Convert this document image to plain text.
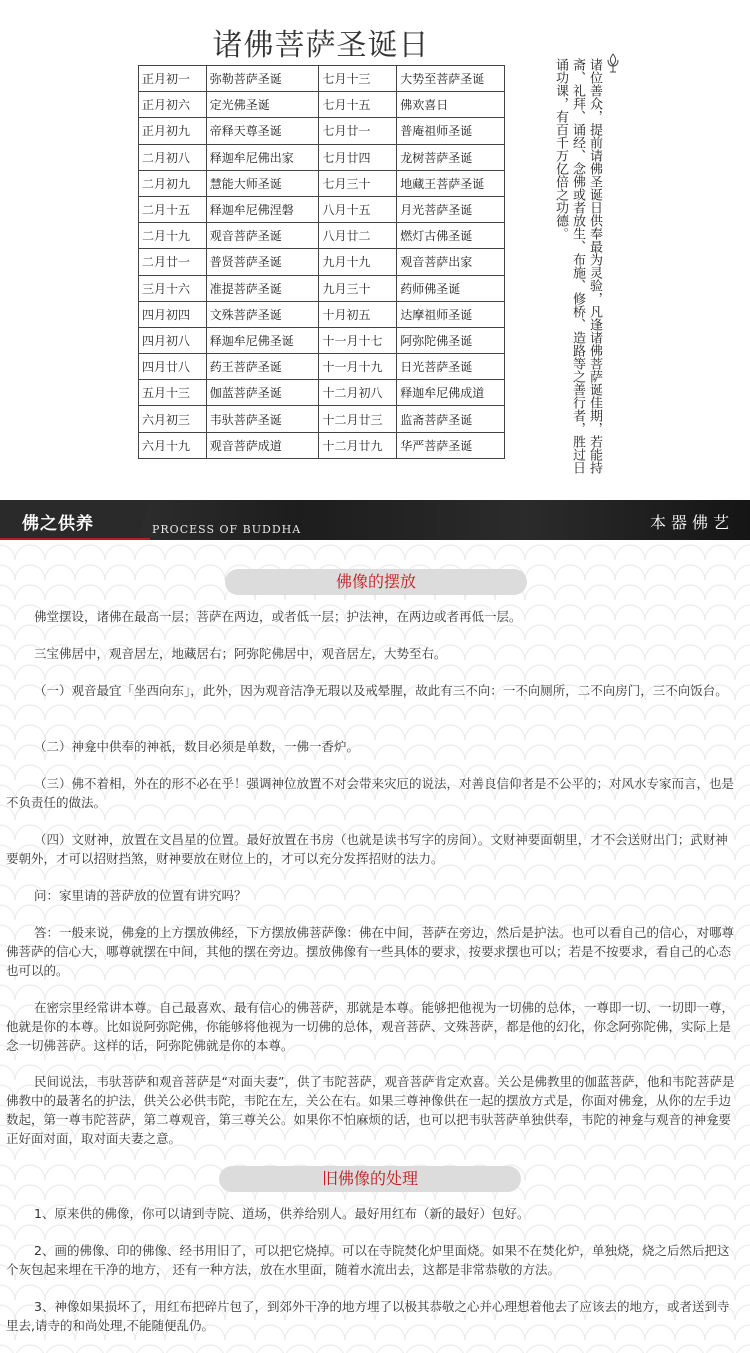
诸佛菩萨圣诞日
正月初一	弥勒菩萨圣诞	七月十三	大势至菩萨圣诞
正月初六	定光佛圣诞	七月十五	佛欢喜日
正月初九	帝释天尊圣诞	七月廿一	普庵祖师圣诞
二月初八	释迦牟尼佛出家	七月廿四	龙树菩萨圣诞
二月初九	慧能大师圣诞	七月三十	地藏王菩萨圣诞
二月十五	释迦牟尼佛涅磐	八月十五	月光菩萨圣诞
二月十九	观音菩萨圣诞	八月廿二	燃灯古佛圣诞
二月廿一	普贤菩萨圣诞	九月十九	观音菩萨出家
三月十六	准提菩萨圣诞	九月三十	药师佛圣诞
四月初四	文殊菩萨圣诞	十月初五	达摩祖师圣诞
四月初八	释迦牟尼佛圣诞	十一月十七	阿弥陀佛圣诞
四月廿八	药王菩萨圣诞	十一月十九	日光菩萨圣诞
五月十三	伽蓝菩萨圣诞	十二月初八	释迦牟尼佛成道
六月初三	韦驮菩萨圣诞	十二月廿三	监斋菩萨圣诞
六月十九	观音菩萨成道	十二月廿九	华严菩萨圣诞	诸位善众，提前请佛圣诞日供奉最为灵验，凡逢诸佛菩萨诞佳期，若能持斋、礼拜、诵经、念佛或者放生、布施、修桥、造路等之善行者，胜过日诵功课，有百千万亿倍之功德。
佛之供养	PROCESS OF BUDDHA	本器佛艺
佛像的摆放

佛堂摆设，诸佛在最高一层；菩萨在两边，或者低一层；护法神，在两边或者再低一层。

三宝佛居中，观音居左，地藏居右；阿弥陀佛居中，观音居左，大势至右。

（一）观音最宜「坐西向东」，此外，因为观音洁净无瑕以及戒晕腥，故此有三不向：一不向厕所，二不向房门，三不向饭台。

（二）神龛中供奉的神祇，数目必须是单数，一佛一香炉。

（三）佛不着相，外在的形不必在乎！强调神位放置不对会带来灾厄的说法，对善良信仰者是不公平的；对风水专家而言，也是不负责任的做法。

（四）文财神，放置在文昌星的位置。最好放置在书房（也就是读书写字的房间）。文财神要面朝里，才不会送财出门；武财神要朝外，才可以招财挡煞，财神要放在财位上的，才可以充分发挥招财的法力。

问：家里请的菩萨放的位置有讲究吗？

答：一般来说，佛龛的上方摆放佛经，下方摆放佛菩萨像：佛在中间，菩萨在旁边，然后是护法。也可以看自己的信心，对哪尊佛菩萨的信心大，哪尊就摆在中间，其他的摆在旁边。摆放佛像有一些具体的要求，按要求摆也可以；若是不按要求，看自己的心态也可以的。

在密宗里经常讲本尊。自己最喜欢、最有信心的佛菩萨，那就是本尊。能够把他视为一切佛的总体，一尊即一切、一切即一尊，他就是你的本尊。比如说阿弥陀佛，你能够将他视为一切佛的总体，观音菩萨、文殊菩萨，都是他的幻化，你念阿弥陀佛，实际上是念一切佛菩萨。这样的话，阿弥陀佛就是你的本尊。

民间说法，韦驮菩萨和观音菩萨是“对面夫妻”，供了韦陀菩萨，观音菩萨肯定欢喜。关公是佛教里的伽蓝菩萨，他和韦陀菩萨是佛教中的最著名的护法，供关公必供韦陀，韦陀在左，关公在右。如果三尊神像供在一起的摆放方式是，你面对佛龛，从你的左手边数起，第一尊韦陀菩萨，第二尊观音，第三尊关公。如果你不怕麻烦的话，也可以把韦驮菩萨单独供奉，韦陀的神龛与观音的神龛要正好面对面，取对面夫妻之意。

旧佛像的处理

1、原来供的佛像，你可以请到寺院、道场，供养给别人。最好用红布（新的最好）包好。

2、画的佛像、印的佛像、经书用旧了，可以把它烧掉。可以在寺院焚化炉里面烧。如果不在焚化炉，单独烧，烧之后然后把这个灰包起来埋在干净的地方， 还有一种方法，放在水里面，随着水流出去，这都是非常恭敬的方法。

3、神像如果损坏了，用红布把碎片包了，到郊外干净的地方埋了以极其恭敬之心并心理想着他去了应该去的地方，或者送到寺里去,请寺的和尚处理,不能随便乱仍。
